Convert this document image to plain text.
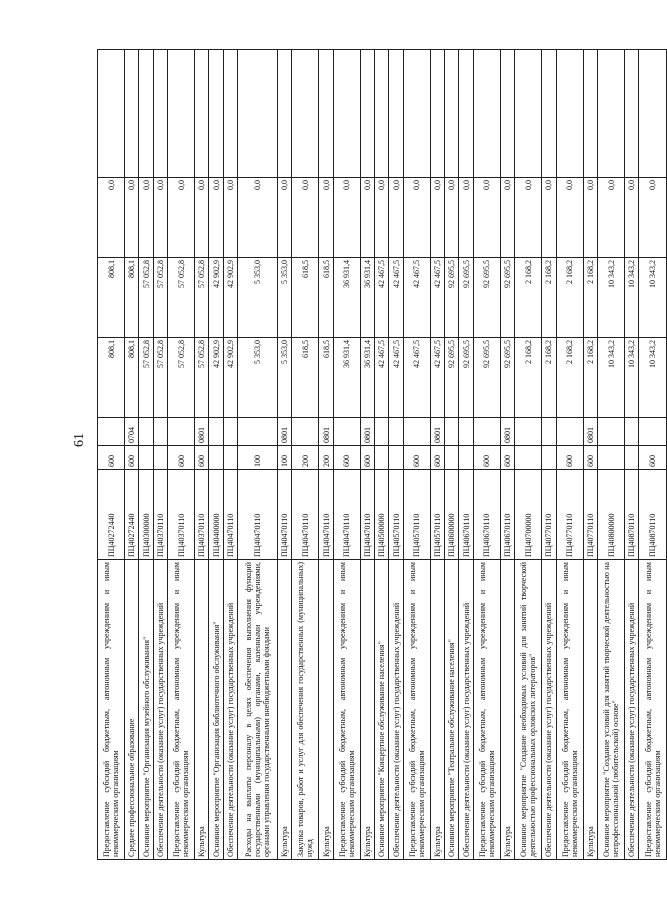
61
Предоставление субсидий бюджетным, автономным учреждениям и иным некоммерческим организациям	ПЦ40272440	600		808,1	808,1	0,0	
Среднее профессиональное образование	ПЦ40272440	600	0704	808,1	808,1	0,0	
Основное мероприятие "Организация музейного обслуживания"	ПЦ40300000			57 052,8	57 052,8	0,0	
Обеспечение деятельности (оказание услуг) государственных учреждений	ПЦ40370110			57 052,8	57 052,8	0,0	
Предоставление субсидий бюджетным, автономным учреждениям и иным некоммерческим организациям	ПЦ40370110	600		57 052,8	57 052,8	0,0	
Культура	ПЦ40370110	600	0801	57 052,8	57 052,8	0,0	
Основное мероприятие "Организация библиотечного обслуживания"	ПЦ40400000			42 902,9	42 902,9	0,0	
Обеспечение деятельности (оказание услуг) государственных учреждений	ПЦ40470110			42 902,9	42 902,9	0,0	
Расходы на выплаты персоналу в целях обеспечения выполнения функций государственными (муниципальными) органами, казенными учреждениями, органами управления государственными внебюджетными фондами	ПЦ40470110	100		5 353,0	5 353,0	0,0	
Культура	ПЦ40470110	100	0801	5 353,0	5 353,0	0,0	
Закупка товаров, работ и услуг для обеспечения государственных (муниципальных) нужд	ПЦ40470110	200		618,5	618,5	0,0	
Культура	ПЦ40470110	200	0801	618,5	618,5	0,0	
Предоставление субсидий бюджетным, автономным учреждениям и иным некоммерческим организациям	ПЦ40470110	600		36 931,4	36 931,4	0,0	
Культура	ПЦ40470110	600	0801	36 931,4	36 931,4	0,0	
Основное мероприятие "Концертное обслуживание населения"	ПЦ40500000			42 467,5	42 467,5	0,0	
Обеспечение деятельности (оказание услуг) государственных учреждений	ПЦ40570110			42 467,5	42 467,5	0,0	
Предоставление субсидий бюджетным, автономным учреждениям и иным некоммерческим организациям	ПЦ40570110	600		42 467,5	42 467,5	0,0	
Культура	ПЦ40570110	600	0801	42 467,5	42 467,5	0,0	
Основное мероприятие "Театральное обслуживание населения"	ПЦ40600000			92 695,5	92 695,5	0,0	
Обеспечение деятельности (оказание услуг) государственных учреждений	ПЦ40670110			92 695,5	92 695,5	0,0	
Предоставление субсидий бюджетным, автономным учреждениям и иным некоммерческим организациям	ПЦ40670110	600		92 695,5	92 695,5	0,0	
Культура	ПЦ40670110	600	0801	92 695,5	92 695,5	0,0	
Основное мероприятие "Создание необходимых условий для занятий творческой деятельностью профессиональных орловских литераторов"	ПЦ40700000			2 168,2	2 168,2	0,0	
Обеспечение деятельности (оказание услуг) государственных учреждений	ПЦ40770110			2 168,2	2 168,2	0,0	
Предоставление субсидий бюджетным, автономным учреждениям и иным некоммерческим организациям	ПЦ40770110	600		2 168,2	2 168,2	0,0	
Культура	ПЦ40770110	600	0801	2 168,2	2 168,2	0,0	
Основное мероприятие "Создание условий для занятий творческой деятельностью на непрофессиональной (любительской) основе"	ПЦ40800000			10 343,2	10 343,2	0,0	
Обеспечение деятельности (оказание услуг) государственных учреждений	ПЦ40870110			10 343,2	10 343,2	0,0	
Предоставление субсидий бюджетным, автономным учреждениям и иным некоммерческим организациям	ПЦ40870110	600		10 343,2	10 343,2	0,0	
